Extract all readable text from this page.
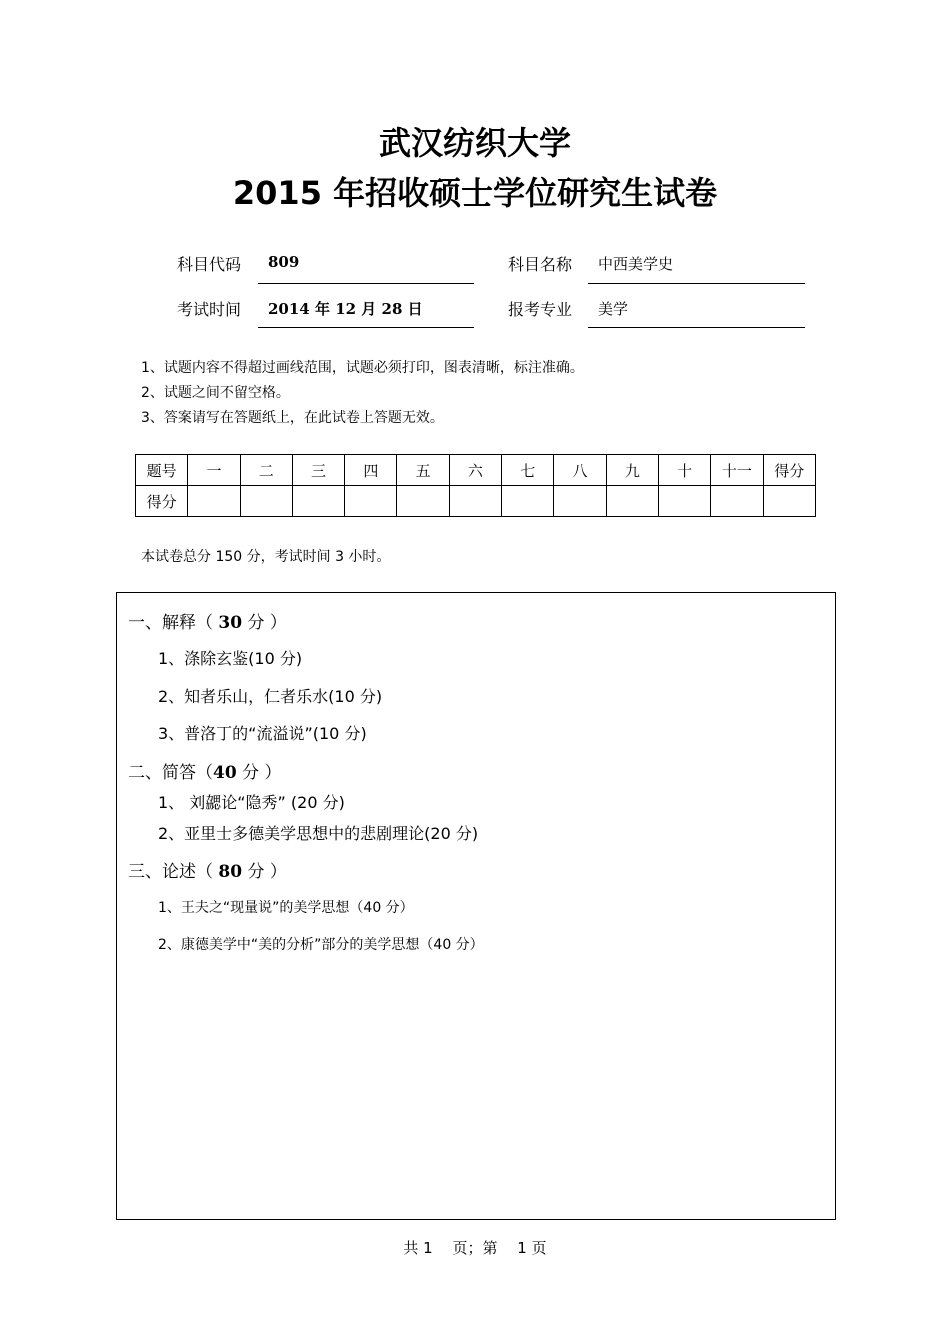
武汉纺织大学
2015 年招收硕士学位研究生试卷
科目代码 809	科目名称 中西美学史
考试时间 2014 年 12 月 28 日	报考专业 美学
1、试题内容不得超过画线范围，试题必须打印，图表清晰，标注准确。
2、试题之间不留空格。
3、答案请写在答题纸上，在此试卷上答题无效。
题号	一	二	三	四	五	六	七	八	九	十	十一	得分
得分												
本试卷总分 150 分，考试时间 3 小时。
一、解释（ 30 分 ）
1、涤除玄鉴(10 分)
2、知者乐山，仁者乐水(10 分)
3、普洛丁的“流溢说”(10 分)
二、简答（40 分 ）
1、 刘勰论“隐秀” (20 分)
2、亚里士多德美学思想中的悲剧理论(20 分)
三、论述（ 80 分 ）
1、王夫之“现量说”的美学思想（40 分）
2、康德美学中“美的分析”部分的美学思想（40 分）
共 1　 页；第　 1 页
